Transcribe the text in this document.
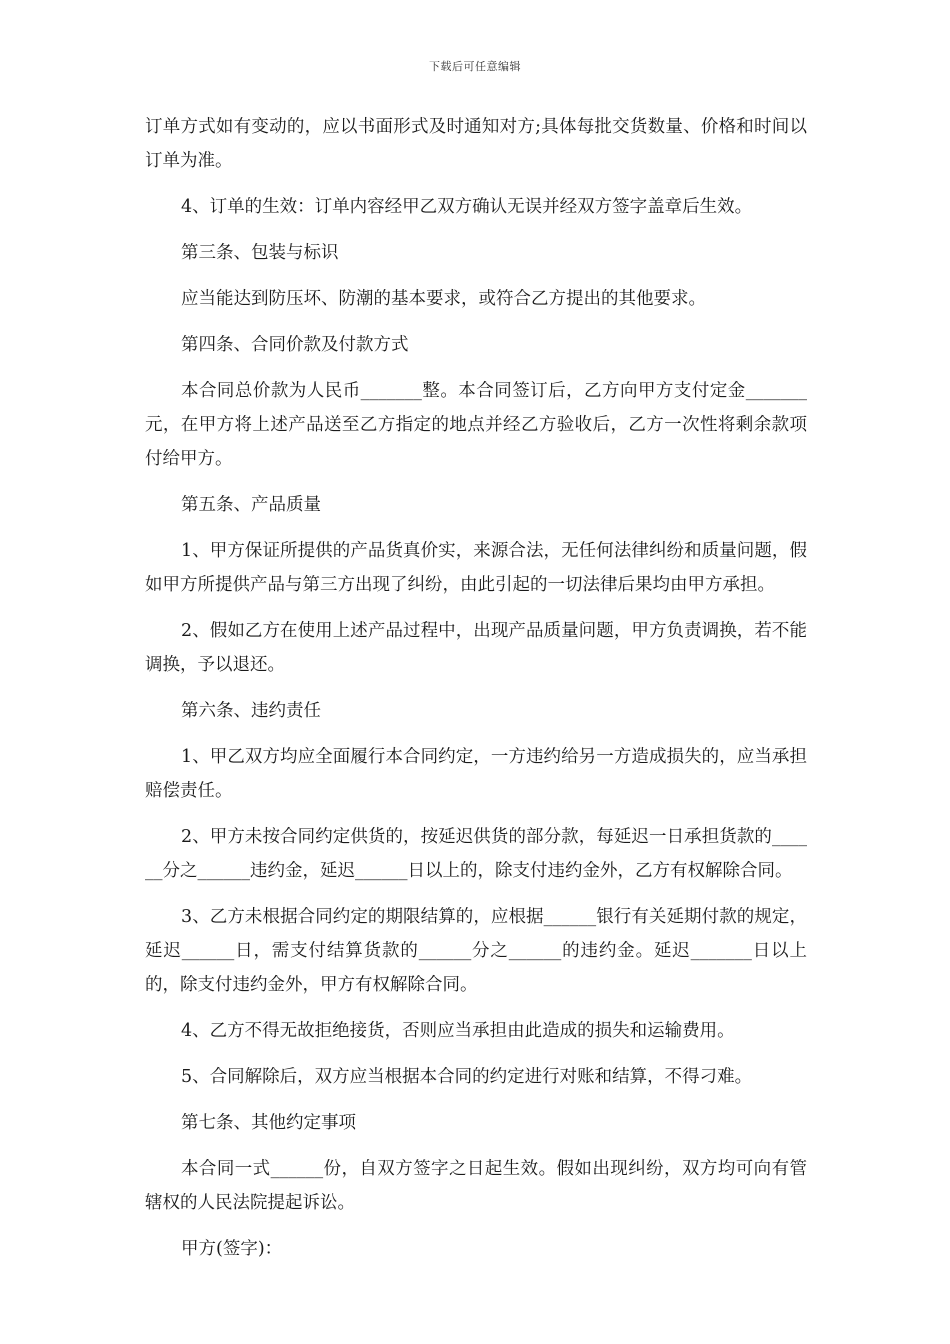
下载后可任意编辑

订单方式如有变动的，应以书面形式及时通知对方;具体每批交货数量、价格和时间以订单为准。

4、订单的生效：订单内容经甲乙双方确认无误并经双方签字盖章后生效。

第三条、包装与标识

应当能达到防压坏、防潮的基本要求，或符合乙方提出的其他要求。

第四条、合同价款及付款方式

本合同总价款为人民币_______整。本合同签订后，乙方向甲方支付定金_______元，在甲方将上述产品送至乙方指定的地点并经乙方验收后，乙方一次性将剩余款项付给甲方。

第五条、产品质量

1、甲方保证所提供的产品货真价实，来源合法，无任何法律纠纷和质量问题，假如甲方所提供产品与第三方出现了纠纷，由此引起的一切法律后果均由甲方承担。

2、假如乙方在使用上述产品过程中，出现产品质量问题，甲方负责调换，若不能调换，予以退还。

第六条、违约责任

1、甲乙双方均应全面履行本合同约定，一方违约给另一方造成损失的，应当承担赔偿责任。

2、甲方未按合同约定供货的，按延迟供货的部分款，每延迟一日承担货款的______分之______违约金，延迟______日以上的，除支付违约金外，乙方有权解除合同。

3、乙方未根据合同约定的期限结算的，应根据______银行有关延期付款的规定，延迟______日，需支付结算货款的______分之______的违约金。延迟_______日以上的，除支付违约金外，甲方有权解除合同。

4、乙方不得无故拒绝接货，否则应当承担由此造成的损失和运输费用。

5、合同解除后，双方应当根据本合同的约定进行对账和结算，不得刁难。

第七条、其他约定事项

本合同一式______份，自双方签字之日起生效。假如出现纠纷，双方均可向有管辖权的人民法院提起诉讼。

甲方(签字)：
